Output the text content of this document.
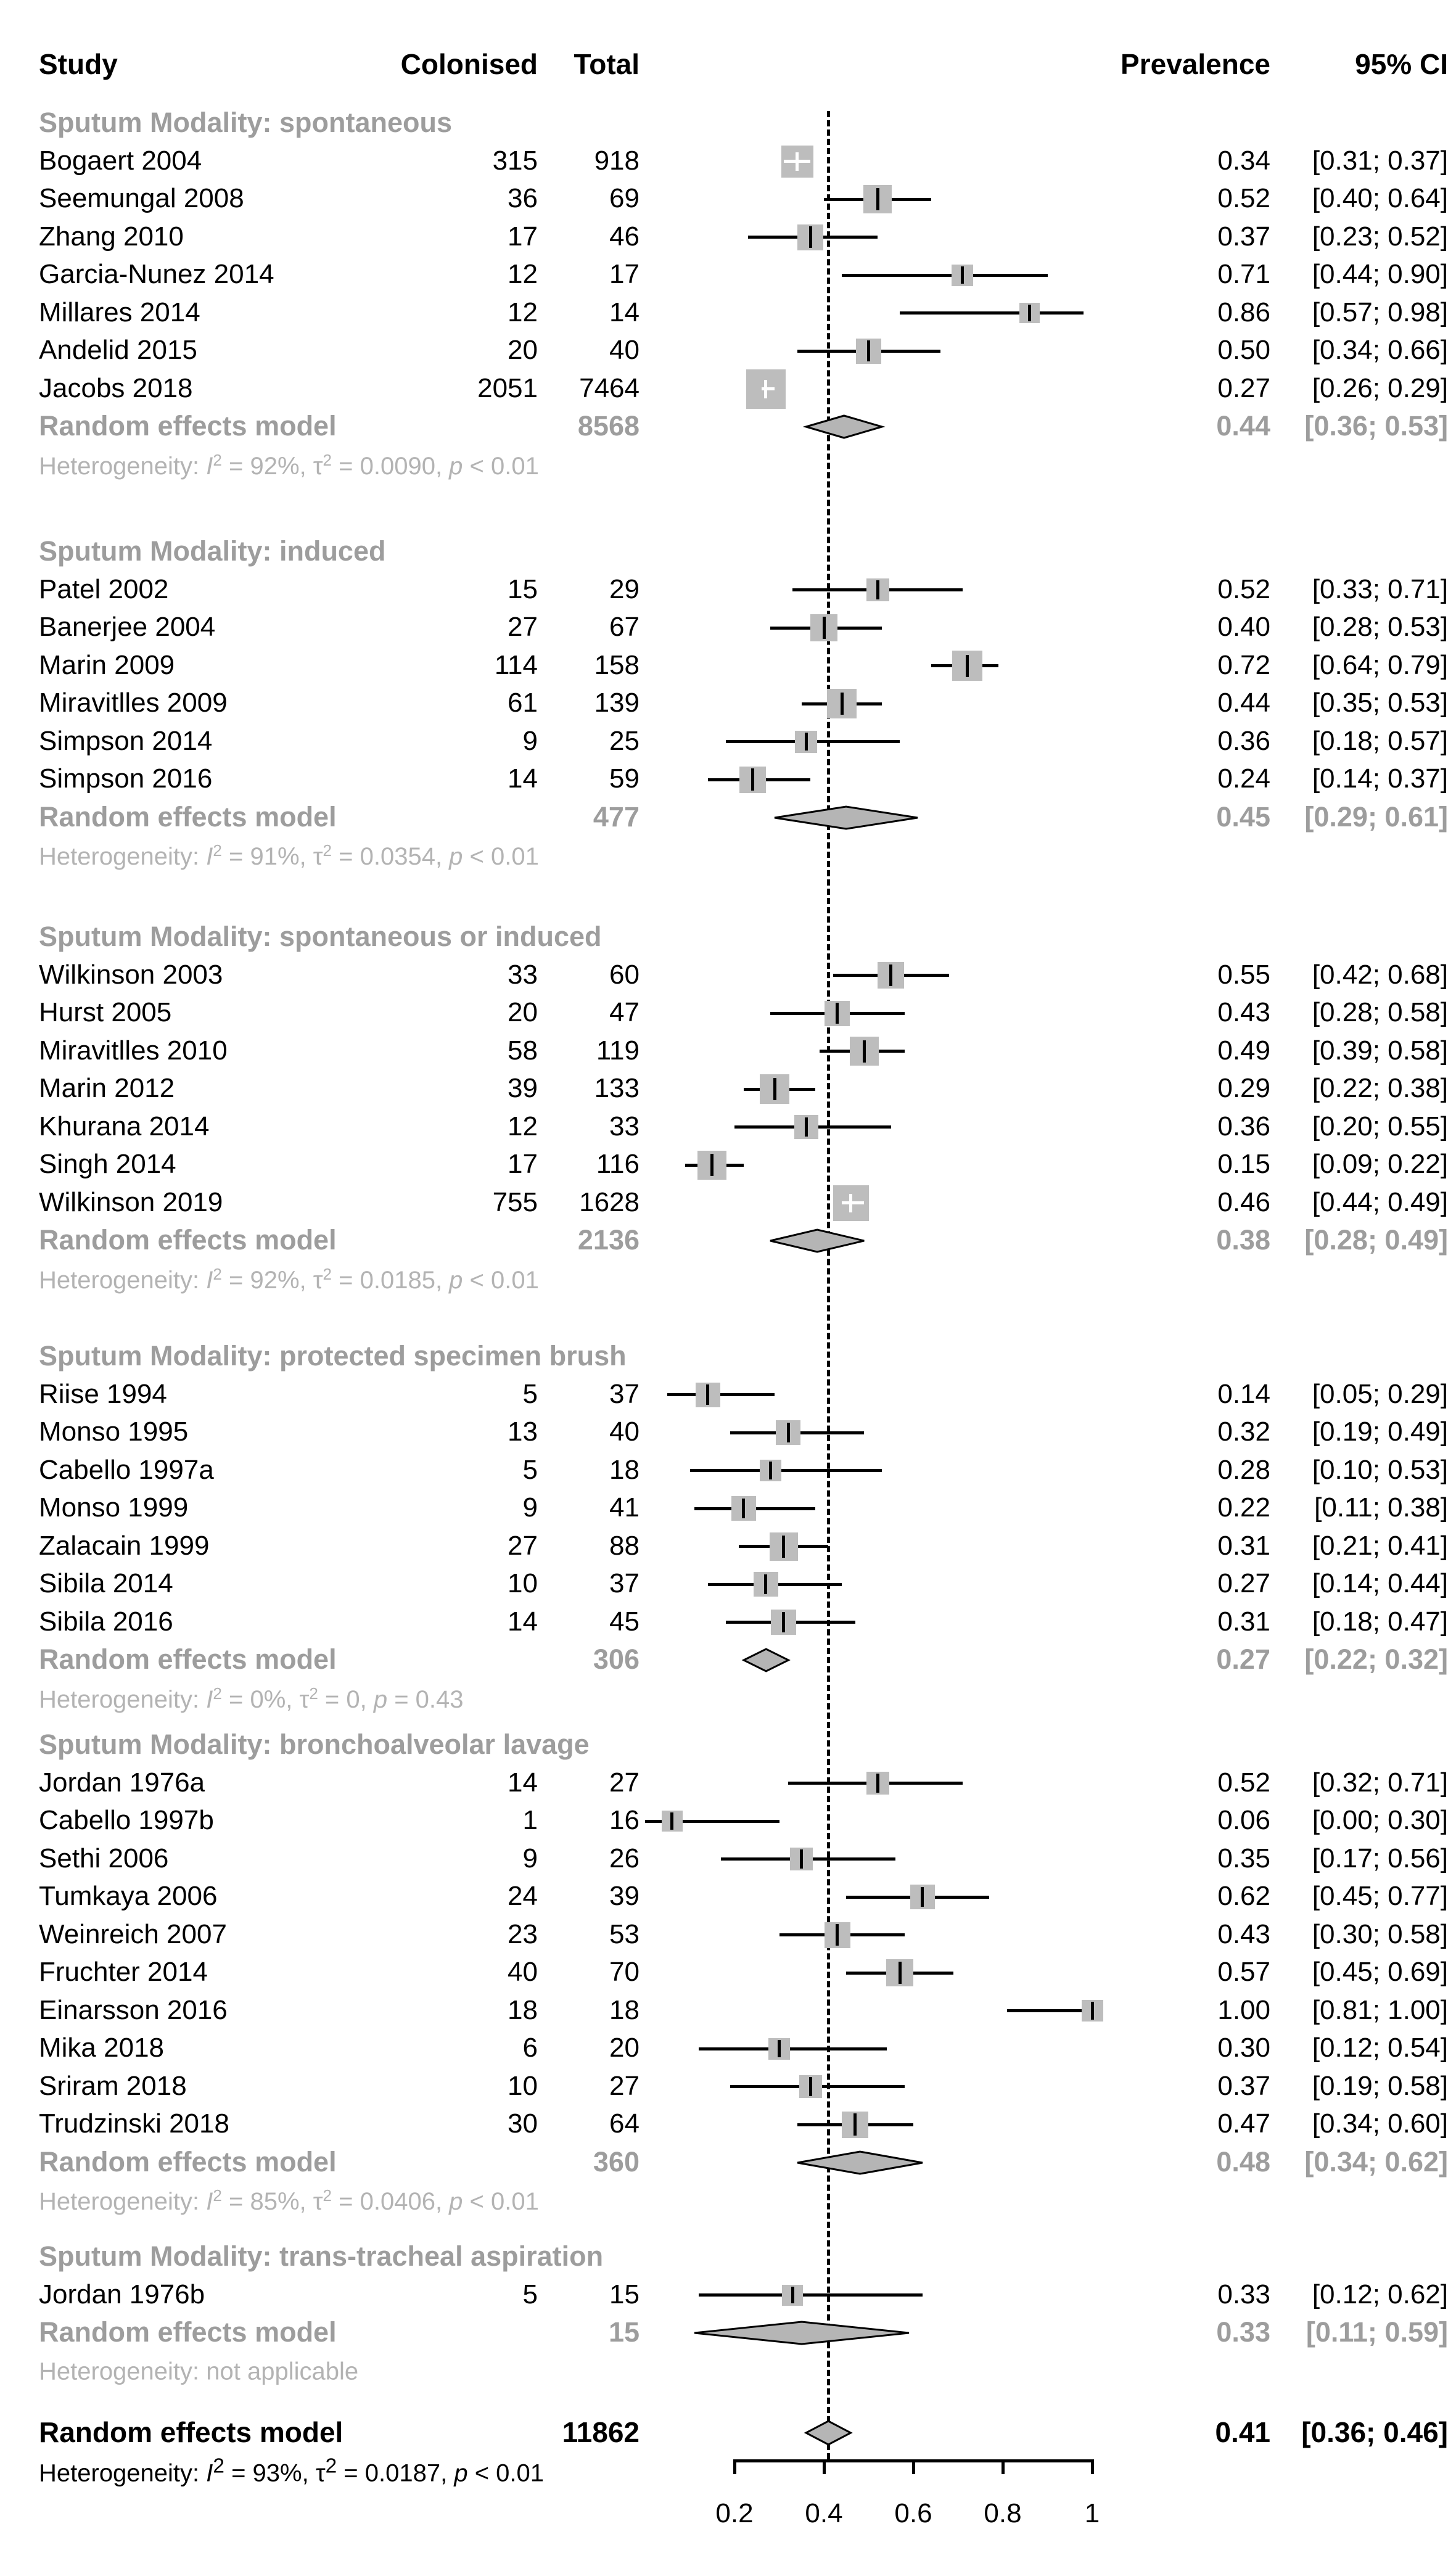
Study	Colonised Total	Prevalence	95% CI
Sputum Modality: spontaneous
Bogaert 2004	315 918	0.34 [0.31; 0.37]
Seemungal 2008	36	69	0.52 [0.40; 0.64]
Zhang 2010	17	46	0.37 [0.23; 0.52]
Garcia-Nunez 2014	12	17	0.71 [0.44; 0.90]
Millares 2014	12	14	0.86 [0.57; 0.98]
Andelid 2015	20	40	0.50 [0.34; 0.66]
Jacobs 2018	2051 7464	0.27 [0.26; 0.29]
Random effects model	8568	0.44 [0.36; 0.53]
Heterogeneity: $I^2 = 92\%$, $\tau^2 = 0.0090$, p < 0.01
Sputum Modality: induced
Patel 2002	15	29	0.52 [0.33; 0.71]
Banerjee 2004	27	67	0.40 [0.28; 0.53]
Marin 2009	114 158	0.72 [0.64; 0.79]
Miravitlles 2009	61 139	0.44 [0.35; 0.53]
Simpson 2014	9	25	0.36 [0.18; 0.57]
Simpson 2016	14	59	0.24 [0.14; 0.37]
Random effects model	477	0.45 [0.29; 0.61]
Heterogeneity: $I^2 = 91\%$, $\tau^2 = 0.0354$, p < 0.01
Sputum Modality: spontaneous or induced
Wilkinson 2003	33	60	0.55 [0.42; 0.68]
Hurst 2005	20	47	0.43 [0.28; 0.58]
Miravitlles 2010	58 119	0.49 [0.39; 0.58]
Marin 2012	39 133	0.29 [0.22; 0.38]
Khurana 2014	12	33	0.36 [0.20; 0.55]
Singh 2014	17 116	0.15 [0.09; 0.22]
Wilkinson 2019	755 1628	0.46 [0.44; 0.49]
Random effects model	2136	0.38 [0.28; 0.49]
Heterogeneity: $I^2 = 92\%$, $\tau^2 = 0.0185$, p < 0.01
Sputum Modality: protected specimen brush
Riise 1994	5	37	0.14 [0.05; 0.29]
Monso 1995	13	40	0.32 [0.19; 0.49]
Cabello 1997a	5	18	0.28 [0.10; 0.53]
Monso 1999	9	41	0.22 [0.11; 0.38]
Zalacain 1999	27	88	0.31 [0.21; 0.41]
Sibila 2014	10	37	0.27 [0.14; 0.44]
Sibila 2016	14	45	0.31 [0.18; 0.47]
Random effects model	306	0.27 [0.22; 0.32]
Heterogeneity: $I^2 = 0\%$, $\tau^2 = 0$, p = 0.43
Sputum Modality: bronchoalveolar lavage
Jordan 1976a	14	27	0.52 [0.32; 0.71]
Cabello 1997b	1	16	0.06 [0.00; 0.30]
Sethi 2006	9	26	0.35 [0.17; 0.56]
Tumkaya 2006	24	39	0.62 [0.45; 0.77]
Weinreich 2007	23	53	0.43 [0.30; 0.58]
Fruchter 2014	40	70	0.57 [0.45; 0.69]
Einarsson 2016	18	18	1.00 [0.81; 1.00]
Mika 2018	6	20	0.30 [0.12; 0.54]
Sriram 2018	10	27	0.37 [0.19; 0.58]
Trudzinski 2018	30	64	0.47 [0.34; 0.60]
Random effects model	360	0.48 [0.34; 0.62]
Heterogeneity: $I^2 = 85\%$, $\tau^2 = 0.0406$, p < 0.01
Sputum Modality: trans-tracheal aspiration
Jordan 1976b	5	15	0.33 [0.12; 0.62]
Random effects model	15	0.33 [0.11; 0.59]
Heterogeneity: not applicable
Random effects model	11862	0.41 [0.36; 0.46]
Heterogeneity: $I^2 = 93\%$, $\tau^2 = 0.0187$, p < 0.01
0.2 0.4 0.6 0.8 1
